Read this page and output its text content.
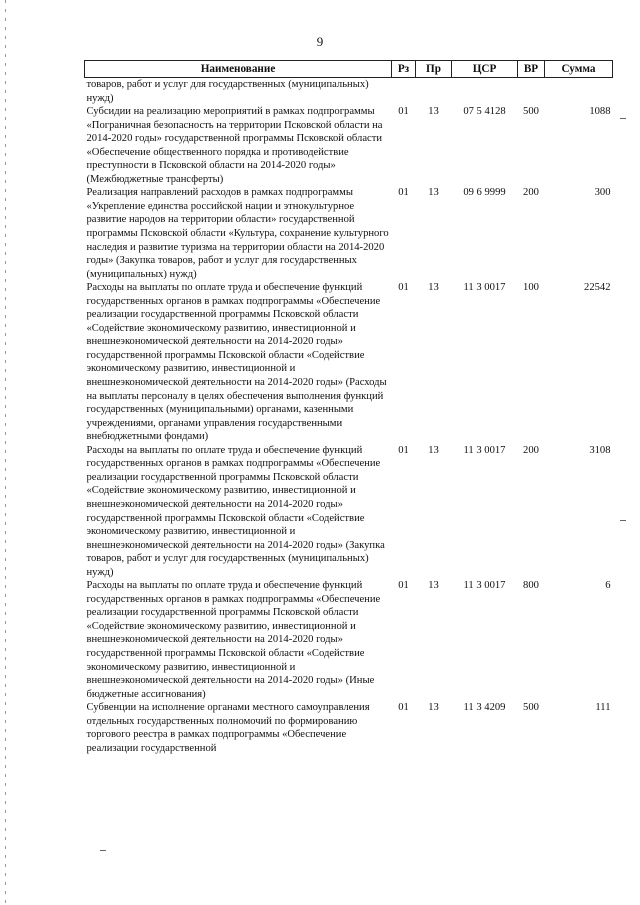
9
Наименование	Рз	Пр	ЦСР	ВР	Сумма
товаров, работ и услуг для государственных (муниципальных) нужд)					
Субсидии на реализацию мероприятий в рамках подпрограммы «Пограничная безопасность на территории Псковской области на 2014-2020 годы» государственной программы Псковской области «Обеспечение общественного порядка и противодействие преступности в Псковской области на 2014-2020 годы» (Межбюджетные трансферты)	01	13	07 5 4128	500	1088
Реализация направлений расходов в рамках подпрограммы «Укрепление единства российской нации и этнокультурное развитие народов на территории области» государственной программы Псковской области «Культура, сохранение культурного наследия и развитие туризма на территории области на 2014-2020 годы» (Закупка товаров, работ и услуг для государственных (муниципальных) нужд)	01	13	09 6 9999	200	300
Расходы на выплаты по оплате труда и обеспечение функций государственных органов в рамках подпрограммы «Обеспечение реализации государственной программы Псковской области «Содействие экономическому развитию, инвестиционной и внешнеэкономической деятельности на 2014-2020 годы» государственной программы Псковской области «Содействие экономическому развитию, инвестиционной и внешнеэкономической деятельности на 2014-2020 годы» (Расходы на выплаты персоналу в целях обеспечения выполнения функций государственных (муниципальными) органами, казенными учреждениями, органами управления государственными внебюджетными фондами)	01	13	11 3 0017	100	22542
Расходы на выплаты по оплате труда и обеспечение функций государственных органов в рамках подпрограммы «Обеспечение реализации государственной программы Псковской области «Содействие экономическому развитию, инвестиционной и внешнеэкономической деятельности на 2014-2020 годы» государственной программы Псковской области «Содействие экономическому развитию, инвестиционной и внешнеэкономической деятельности на 2014-2020 годы» (Закупка товаров, работ и услуг для государственных (муниципальных) нужд)	01	13	11 3 0017	200	3108
Расходы на выплаты по оплате труда и обеспечение функций государственных органов в рамках подпрограммы «Обеспечение реализации государственной программы Псковской области «Содействие экономическому развитию, инвестиционной и внешнеэкономической деятельности на 2014-2020 годы» государственной программы Псковской области «Содействие экономическому развитию, инвестиционной и внешнеэкономической деятельности на 2014-2020 годы» (Иные бюджетные ассигнования)	01	13	11 3 0017	800	6
Субвенции на исполнение органами местного самоуправления отдельных государственных полномочий по формированию торгового реестра в рамках подпрограммы «Обеспечение реализации государственной	01	13	11 3 4209	500	111
